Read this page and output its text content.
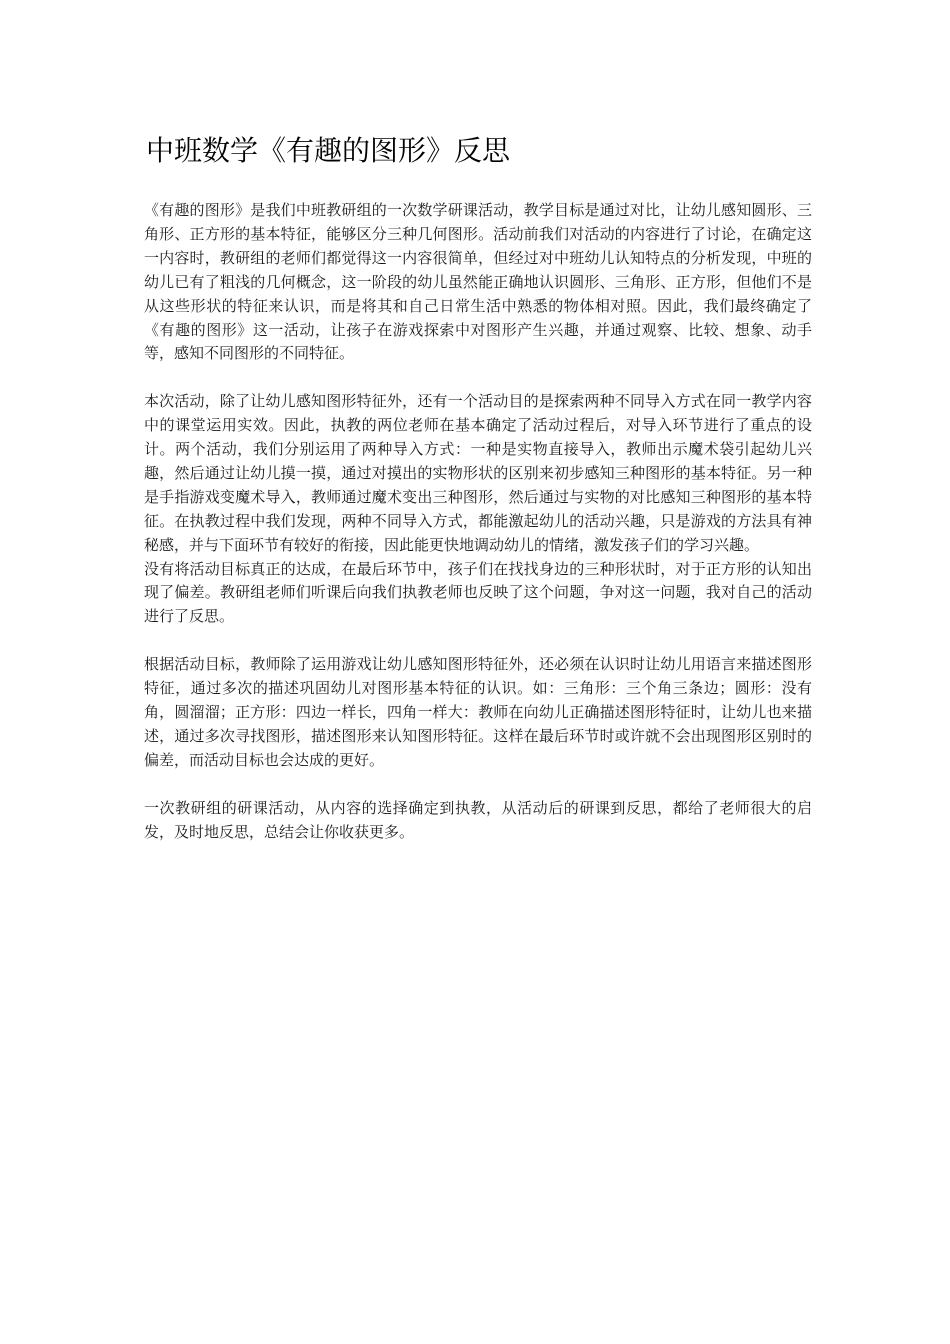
中班数学《有趣的图形》反思

《有趣的图形》是我们中班教研组的一次数学研课活动，教学目标是通过对比，让幼儿感知圆形、三角形、正方形的基本特征，能够区分三种几何图形。活动前我们对活动的内容进行了讨论，在确定这一内容时，教研组的老师们都觉得这一内容很简单，但经过对中班幼儿认知特点的分析发现，中班的幼儿已有了粗浅的几何概念，这一阶段的幼儿虽然能正确地认识圆形、三角形、正方形，但他们不是从这些形状的特征来认识，而是将其和自己日常生活中熟悉的物体相对照。因此，我们最终确定了《有趣的图形》这一活动，让孩子在游戏探索中对图形产生兴趣，并通过观察、比较、想象、动手等，感知不同图形的不同特征。

本次活动，除了让幼儿感知图形特征外，还有一个活动目的是探索两种不同导入方式在同一教学内容中的课堂运用实效。因此，执教的两位老师在基本确定了活动过程后，对导入环节进行了重点的设计。两个活动，我们分别运用了两种导入方式：一种是实物直接导入，教师出示魔术袋引起幼儿兴趣，然后通过让幼儿摸一摸，通过对摸出的实物形状的区别来初步感知三种图形的基本特征。另一种是手指游戏变魔术导入，教师通过魔术变出三种图形，然后通过与实物的对比感知三种图形的基本特征。在执教过程中我们发现，两种不同导入方式，都能激起幼儿的活动兴趣，只是游戏的方法具有神秘感，并与下面环节有较好的衔接，因此能更快地调动幼儿的情绪，激发孩子们的学习兴趣。

没有将活动目标真正的达成，在最后环节中，孩子们在找找身边的三种形状时，对于正方形的认知出现了偏差。教研组老师们听课后向我们执教老师也反映了这个问题，争对这一问题，我对自己的活动进行了反思。

根据活动目标，教师除了运用游戏让幼儿感知图形特征外，还必须在认识时让幼儿用语言来描述图形特征，通过多次的描述巩固幼儿对图形基本特征的认识。如：三角形：三个角三条边；圆形：没有角，圆溜溜；正方形：四边一样长，四角一样大：教师在向幼儿正确描述图形特征时，让幼儿也来描述，通过多次寻找图形，描述图形来认知图形特征。这样在最后环节时或许就不会出现图形区别时的偏差，而活动目标也会达成的更好。

一次教研组的研课活动，从内容的选择确定到执教，从活动后的研课到反思，都给了老师很大的启发，及时地反思，总结会让你收获更多。
